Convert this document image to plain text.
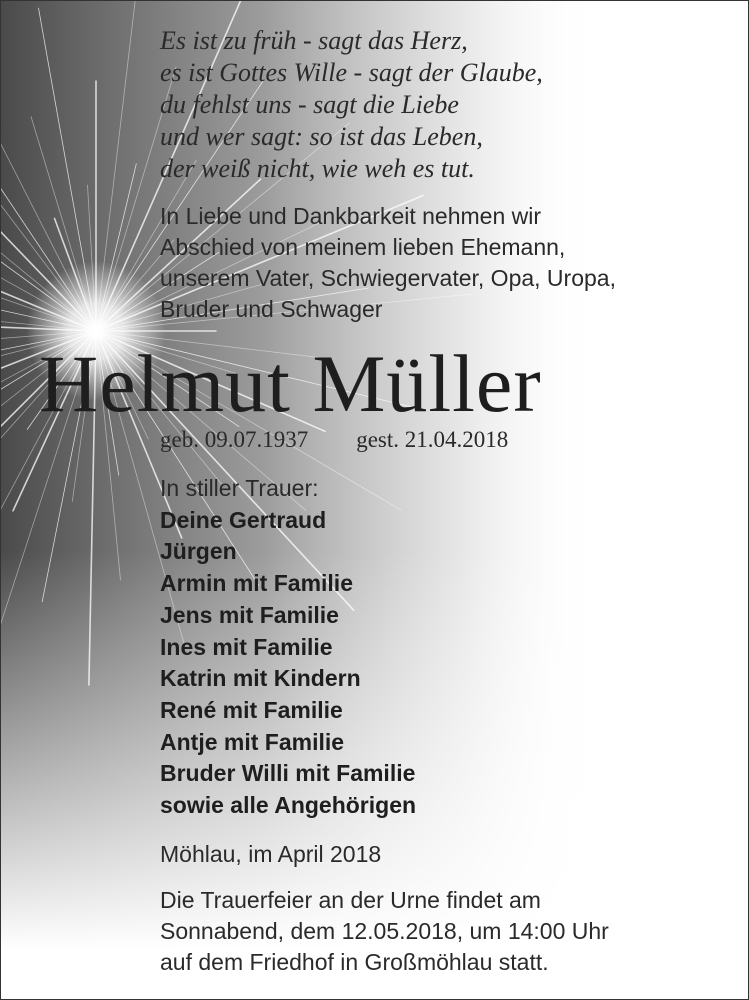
Es ist zu früh - sagt das Herz,
es ist Gottes Wille - sagt der Glaube,
du fehlst uns - sagt die Liebe
und wer sagt: so ist das Leben,
der weiß nicht, wie weh es tut.
In Liebe und Dankbarkeit nehmen wir
Abschied von meinem lieben Ehemann,
unserem Vater, Schwiegervater, Opa, Uropa,
Bruder und Schwager
Helmut Müller
geb. 09.07.1937 gest. 21.04.2018
In stiller Trauer:
Deine Gertraud
Jürgen
Armin mit Familie
Jens mit Familie
Ines mit Familie
Katrin mit Kindern
René mit Familie
Antje mit Familie
Bruder Willi mit Familie
sowie alle Angehörigen
Möhlau, im April 2018
Die Trauerfeier an der Urne findet am
Sonnabend, dem 12.05.2018, um 14:00 Uhr
auf dem Friedhof in Großmöhlau statt.
